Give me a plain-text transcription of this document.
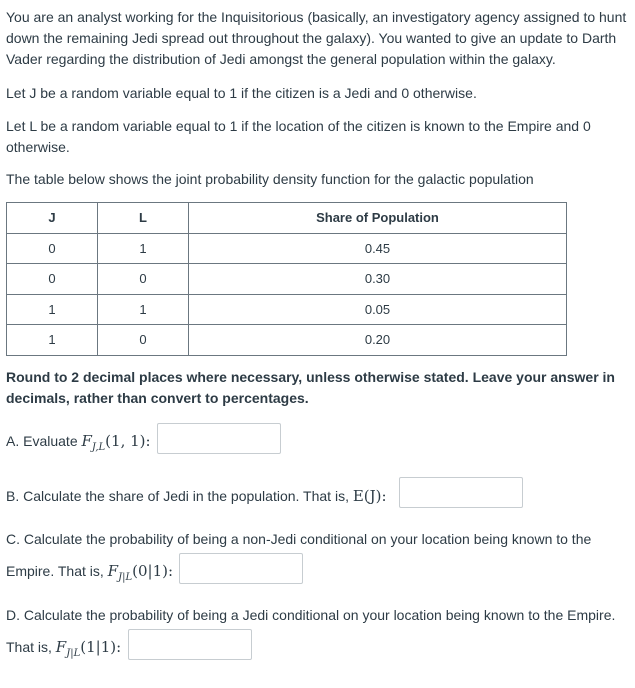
You are an analyst working for the Inquisitorious (basically, an investigatory agency assigned to hunt down the remaining Jedi spread out throughout the galaxy). You wanted to give an update to Darth Vader regarding the distribution of Jedi amongst the general population within the galaxy.

Let J be a random variable equal to 1 if the citizen is a Jedi and 0 otherwise.

Let L be a random variable equal to 1 if the location of the citizen is known to the Empire and 0 otherwise.

The table below shows the joint probability density function for the galactic population

J	L	Share of Population
0	1	0.45
0	0	0.30
1	1	0.05
1	0	0.20

Round to 2 decimal places where necessary, unless otherwise stated. Leave your answer in decimals, rather than convert to percentages.

A. Evaluate $F_{J,L}(1$, 1):
B. Calculate the share of Jedi in the population. That is, E(J):

C. Calculate the probability of being a non-Jedi conditional on your location being known to the

Empire. That is, $F_{J|L}(0|1)$:

D. Calculate the probability of being a Jedi conditional on your location being known to the Empire.

That is, $F_{J|L}(1|1)$:
